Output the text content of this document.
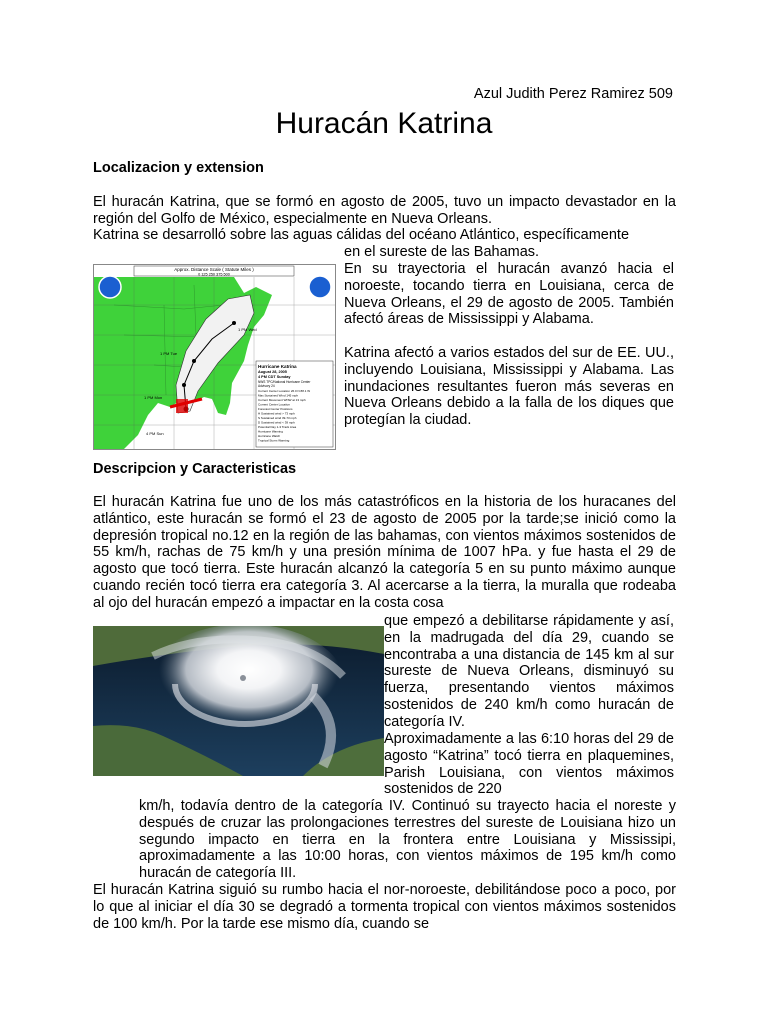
Azul Judith Perez Ramirez 509
Huracán Katrina
Localizacion y extension

El huracán Katrina, que se formó en agosto de 2005, tuvo un impacto devastador en la región del Golfo de México, especialmente en Nueva Orleans.

Katrina se desarrolló sobre las aguas cálidas del océano Atlántico, específicamente

en el sureste de las Bahamas.

En su trayectoria el huracán avanzó hacia el noroeste, tocando tierra en Louisiana, cerca de Nueva Orleans, el 29 de agosto de 2005. También afectó áreas de Mississippi y Alabama.

Katrina afectó a varios estados del sur de EE. UU., incluyendo Louisiana, Mississippi y Alabama. Las inundaciones resultantes fueron más severas en Nueva Orleans debido a la falla de los diques que protegían la ciudad.

Approx. Distance Scale ( Statute Miles )
0 125 250 375 500
1 PM Wed
1 PM Tue
1 PM Mon
4 PM Sun
Hurricane Katrina
August 28, 2005
4 PM CDT Sunday
NWS TPC/National Hurricane Center
Advisory 24
Current Center Location 26.0 N 88.1 W
Max Sustained Wind 145 mph
Current Movement WNW at 13 mph
Current Center Location
Forecast Center Positions
H Sustained wind > 73 mph
S Sustained wind 39-73 mph
D Sustained wind < 39 mph
Potential Day 1-3 Track Area
Hurricane Warning
Hurricane Watch
Tropical Storm Warning
Descripcion y Caracteristicas

El huracán Katrina fue uno de los más catastróficos en la historia de los huracanes del atlántico, este huracán se formó el 23 de agosto de 2005 por la tarde;se inició como la depresión tropical no.12 en la región de las bahamas, con vientos máximos sostenidos de 55 km/h, rachas de 75 km/h y una presión mínima de 1007 hPa. y fue hasta el 29 de agosto que tocó tierra. Este huracán alcanzó la categoría 5 en su punto máximo aunque cuando recién tocó tierra era categoría 3. Al acercarse a la tierra, la muralla que rodeaba al ojo del huracán empezó a impactar en la costa cosa

que empezó a debilitarse rápidamente y así, en la madrugada del día 29, cuando se encontraba a una distancia de 145 km al sur sureste de Nueva Orleans, disminuyó su fuerza, presentando vientos máximos sostenidos de 240 km/h como huracán de categoría IV.

Aproximadamente a las 6:10 horas del 29 de agosto “Katrina” tocó tierra en plaquemines, Parish Louisiana, con vientos máximos sostenidos de 220

km/h, todavía dentro de la categoría IV. Continuó su trayecto hacia el noreste y después de cruzar las prolongaciones terrestres del sureste de Louisiana hizo un segundo impacto en tierra en la frontera entre Louisiana y Mississipi, aproximadamente a las 10:00 horas, con vientos máximos de 195 km/h como huracán de categoría III.

El huracán Katrina siguió su rumbo hacia el nor-noroeste, debilitándose poco a poco, por lo que al iniciar el día 30 se degradó a tormenta tropical con vientos máximos sostenidos de 100 km/h. Por la tarde ese mismo día, cuando se
